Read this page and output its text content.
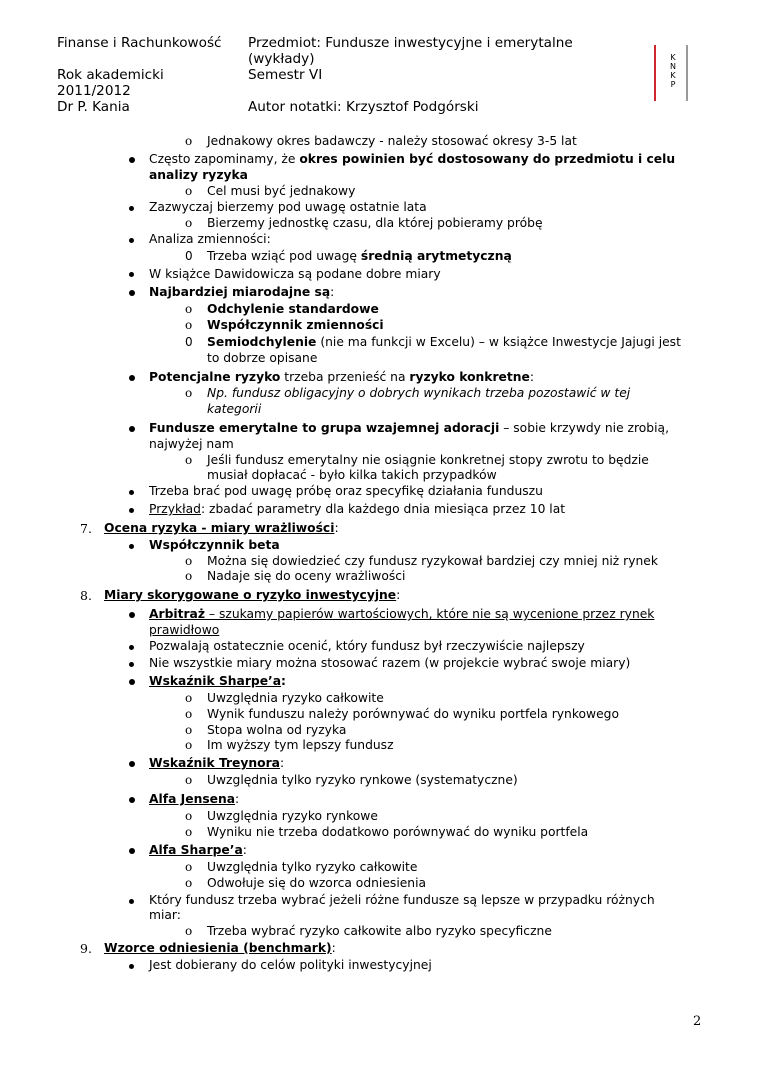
Finanse i Rachunkowość Przedmiot: Fundusze inwestycyjne i emerytalne
(wykłady)
Rok akademicki
2011/2012
Semestr VI
Dr P. Kania	Autor notatki: Krzysztof Podgórski
K
N
K
P
o Jednakowy okres badawczy - należy stosować okresy 3-5 lat
Często zapominamy, że okres powinien być dostosowany do przedmiotu i celu
analizy ryzyka
o Cel musi być jednakowy
Zazwyczaj bierzemy pod uwagę ostatnie lata
o Bierzemy jednostkę czasu, dla której pobieramy próbę
Analiza zmienności:
0 Trzeba wziąć pod uwagę średnią arytmetyczną
W książce Dawidowicza są podane dobre miary
Najbardziej miarodajne są:
o Odchylenie standardowe
o Współczynnik zmienności
0 Semiodchylenie (nie ma funkcji w Excelu) – w książce Inwestycje Jajugi jest
to dobrze opisane
Potencjalne ryzyko trzeba przenieść na ryzyko konkretne:
o Np. fundusz obligacyjny o dobrych wynikach trzeba pozostawić w tej
kategorii
Fundusze emerytalne to grupa wzajemnej adoracji – sobie krzywdy nie zrobią,
najwyżej nam
o Jeśli fundusz emerytalny nie osiągnie konkretnej stopy zwrotu to będzie
musiał dopłacać - było kilka takich przypadków
Trzeba brać pod uwagę próbę oraz specyfikę działania funduszu
Przykład: zbadać parametry dla każdego dnia miesiąca przez 10 lat
7. Ocena ryzyka - miary wrażliwości:
Współczynnik beta
o Można się dowiedzieć czy fundusz ryzykował bardziej czy mniej niż rynek
o Nadaje się do oceny wrażliwości
8. Miary skorygowane o ryzyko inwestycyjne:
Arbitraż – szukamy papierów wartościowych, które nie są wycenione przez rynek
prawidłowo
Pozwalają ostatecznie ocenić, który fundusz był rzeczywiście najlepszy
Nie wszystkie miary można stosować razem (w projekcie wybrać swoje miary)
Wskaźnik Sharpe’a:
o Uwzględnia ryzyko całkowite
o Wynik funduszu należy porównywać do wyniku portfela rynkowego
o Stopa wolna od ryzyka
o Im wyższy tym lepszy fundusz
Wskaźnik Treynora:
o Uwzględnia tylko ryzyko rynkowe (systematyczne)
Alfa Jensena:
o Uwzględnia ryzyko rynkowe
o Wyniku nie trzeba dodatkowo porównywać do wyniku portfela
Alfa Sharpe’a:
o Uwzględnia tylko ryzyko całkowite
o Odwołuje się do wzorca odniesienia
Który fundusz trzeba wybrać jeżeli różne fundusze są lepsze w przypadku różnych
miar:
o Trzeba wybrać ryzyko całkowite albo ryzyko specyficzne
9. Wzorce odniesienia (benchmark):
Jest dobierany do celów polityki inwestycyjnej
2
